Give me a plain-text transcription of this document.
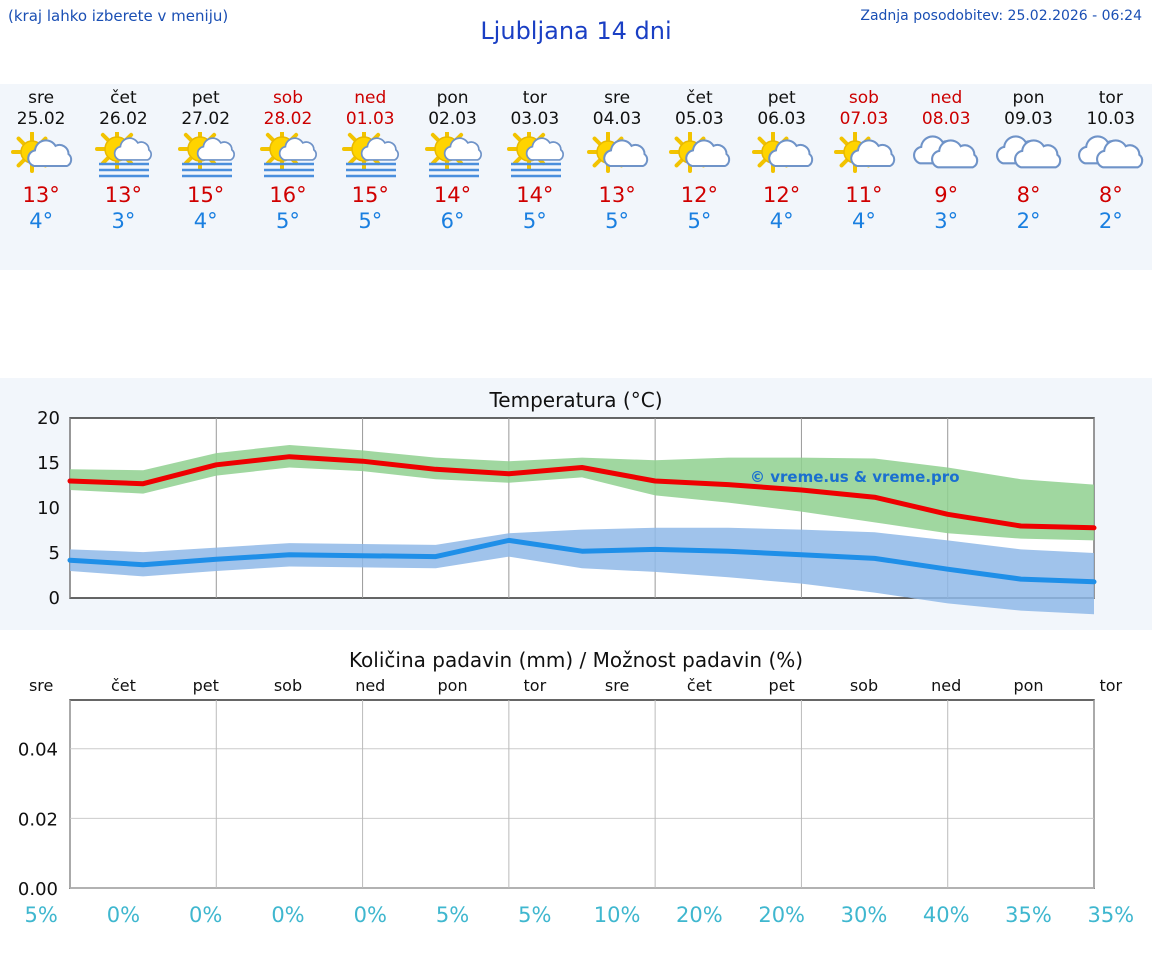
(kraj lahko izberete v meniju)
Ljubljana 14 dni
Zadnja posodobitev: 25.02.2026 - 06:24
sre
25.02
13°
4°
čet
26.02
13°
3°
pet
27.02
15°
4°
sob
28.02
16°
5°
ned
01.03
15°
5°
pon
02.03
14°
6°
tor
03.03
14°
5°
sre
04.03
13°
5°
čet
05.03
12°
5°
pet
06.03
12°
4°
sob
07.03
11°
4°
ned
08.03
9°
3°
pon
09.03
8°
2°
tor
10.03
8°
2°
Temperatura (°C)
0
5
10
15
20
© vreme.us & vreme.pro
Količina padavin (mm) / Možnost padavin (%)
0.00
0.02
0.04
sre	čet	pet	sob	ned	pon	tor	sre	čet	pet	sob	ned	pon	tor
5%	0%	0%	0%	0%	5%	5%	10%	20%	20%	30%	40%	35%	35%
